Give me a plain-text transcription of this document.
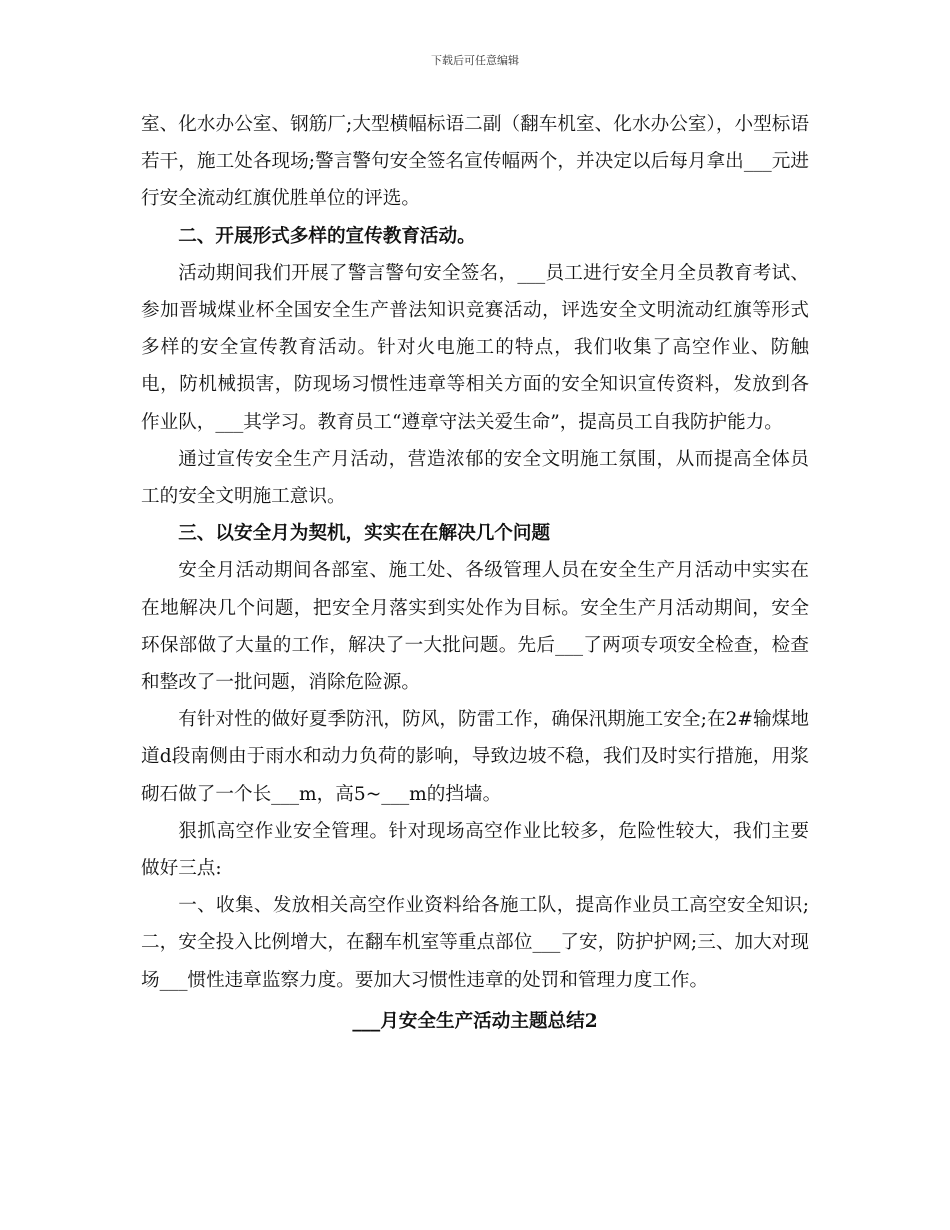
下载后可任意编辑

室、化水办公室、钢筋厂;大型横幅标语二副（翻车机室、化水办公室），小型标语若干，施工处各现场;警言警句安全签名宣传幅两个，并决定以后每月拿出___元进行安全流动红旗优胜单位的评选。

二、开展形式多样的宣传教育活动。

活动期间我们开展了警言警句安全签名，___员工进行安全月全员教育考试、参加晋城煤业杯全国安全生产普法知识竞赛活动，评选安全文明流动红旗等形式多样的安全宣传教育活动。针对火电施工的特点，我们收集了高空作业、防触电，防机械损害，防现场习惯性违章等相关方面的安全知识宣传资料，发放到各作业队，___其学习。教育员工“遵章守法关爱生命”，提高员工自我防护能力。

通过宣传安全生产月活动，营造浓郁的安全文明施工氛围，从而提高全体员工的安全文明施工意识。

三、以安全月为契机，实实在在解决几个问题

安全月活动期间各部室、施工处、各级管理人员在安全生产月活动中实实在在地解决几个问题，把安全月落实到实处作为目标。安全生产月活动期间，安全环保部做了大量的工作，解决了一大批问题。先后___了两项专项安全检查，检查和整改了一批问题，消除危险源。

有针对性的做好夏季防汛，防风，防雷工作，确保汛期施工安全;在2#输煤地道d段南侧由于雨水和动力负荷的影响，导致边坡不稳，我们及时实行措施，用浆砌石做了一个长___m，高5~___m的挡墙。

狠抓高空作业安全管理。针对现场高空作业比较多，危险性较大，我们主要做好三点:

一、收集、发放相关高空作业资料给各施工队，提高作业员工高空安全知识;二，安全投入比例增大，在翻车机室等重点部位___了安，防护护网;三、加大对现场___惯性违章监察力度。要加大习惯性违章的处罚和管理力度工作。

___月安全生产活动主题总结2
